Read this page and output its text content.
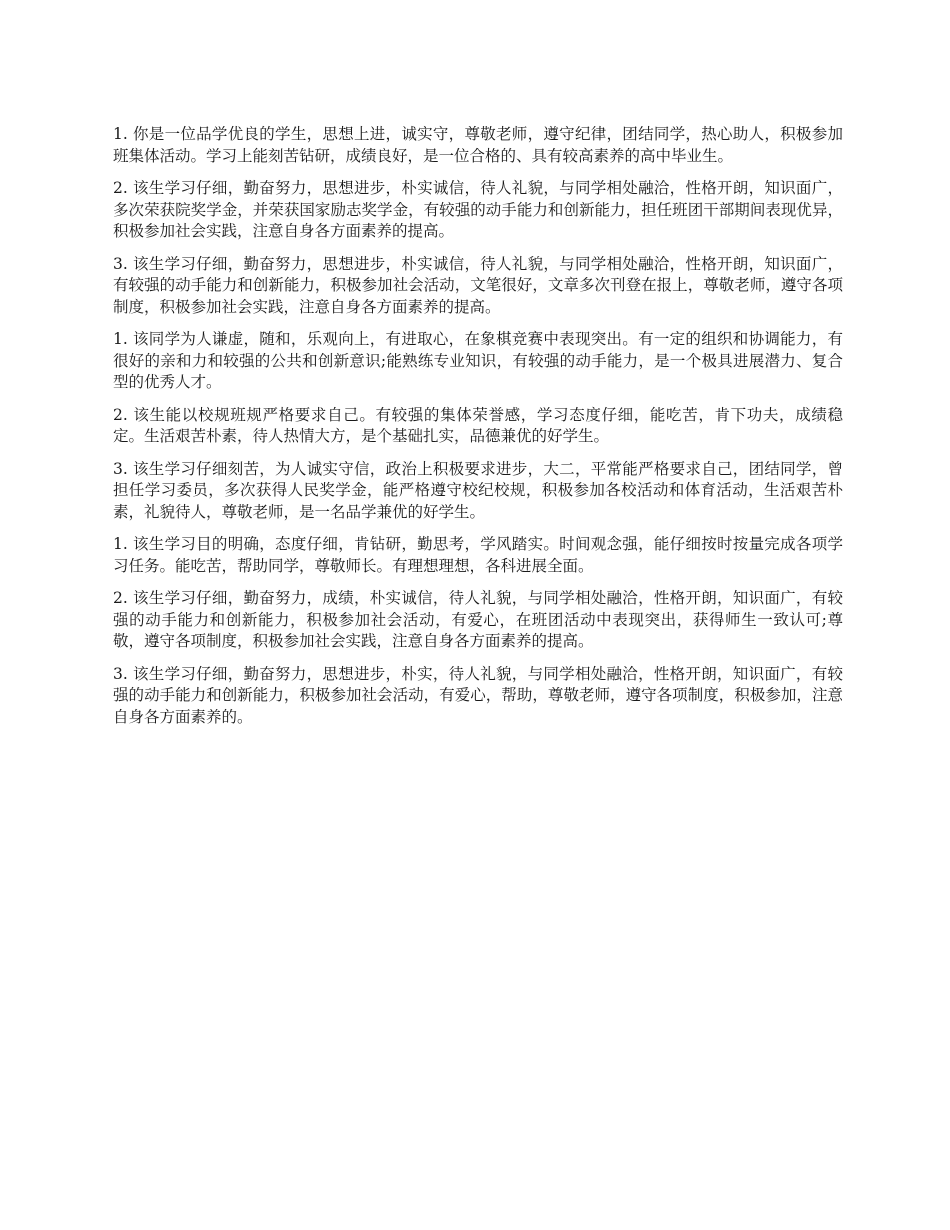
1. 你是一位品学优良的学生，思想上进，诚实守，尊敬老师，遵守纪律，团结同学，热心助人，积极参加班集体活动。学习上能刻苦钻研，成绩良好，是一位合格的、具有较高素养的高中毕业生。

2. 该生学习仔细，勤奋努力，思想进步，朴实诚信，待人礼貌，与同学相处融洽，性格开朗，知识面广，多次荣获院奖学金，并荣获国家励志奖学金，有较强的动手能力和创新能力，担任班团干部期间表现优异，积极参加社会实践，注意自身各方面素养的提高。

3. 该生学习仔细，勤奋努力，思想进步，朴实诚信，待人礼貌，与同学相处融洽，性格开朗，知识面广，有较强的动手能力和创新能力，积极参加社会活动，文笔很好，文章多次刊登在报上，尊敬老师，遵守各项制度，积极参加社会实践，注意自身各方面素养的提高。

1. 该同学为人谦虚，随和，乐观向上，有进取心，在象棋竞赛中表现突出。有一定的组织和协调能力，有很好的亲和力和较强的公共和创新意识;能熟练专业知识，有较强的动手能力，是一个极具进展潜力、复合型的优秀人才。

2. 该生能以校规班规严格要求自己。有较强的集体荣誉感，学习态度仔细，能吃苦，肯下功夫，成绩稳定。生活艰苦朴素，待人热情大方，是个基础扎实，品德兼优的好学生。

3. 该生学习仔细刻苦，为人诚实守信，政治上积极要求进步，大二，平常能严格要求自己，团结同学，曾担任学习委员，多次获得人民奖学金，能严格遵守校纪校规，积极参加各校活动和体育活动，生活艰苦朴素，礼貌待人，尊敬老师，是一名品学兼优的好学生。

1. 该生学习目的明确，态度仔细，肯钻研，勤思考，学风踏实。时间观念强，能仔细按时按量完成各项学习任务。能吃苦，帮助同学，尊敬师长。有理想理想，各科进展全面。

2. 该生学习仔细，勤奋努力，成绩，朴实诚信，待人礼貌，与同学相处融洽，性格开朗，知识面广，有较强的动手能力和创新能力，积极参加社会活动，有爱心，在班团活动中表现突出，获得师生一致认可;尊敬，遵守各项制度，积极参加社会实践，注意自身各方面素养的提高。

3. 该生学习仔细，勤奋努力，思想进步，朴实，待人礼貌，与同学相处融洽，性格开朗，知识面广，有较强的动手能力和创新能力，积极参加社会活动，有爱心，帮助，尊敬老师，遵守各项制度，积极参加，注意自身各方面素养的。
